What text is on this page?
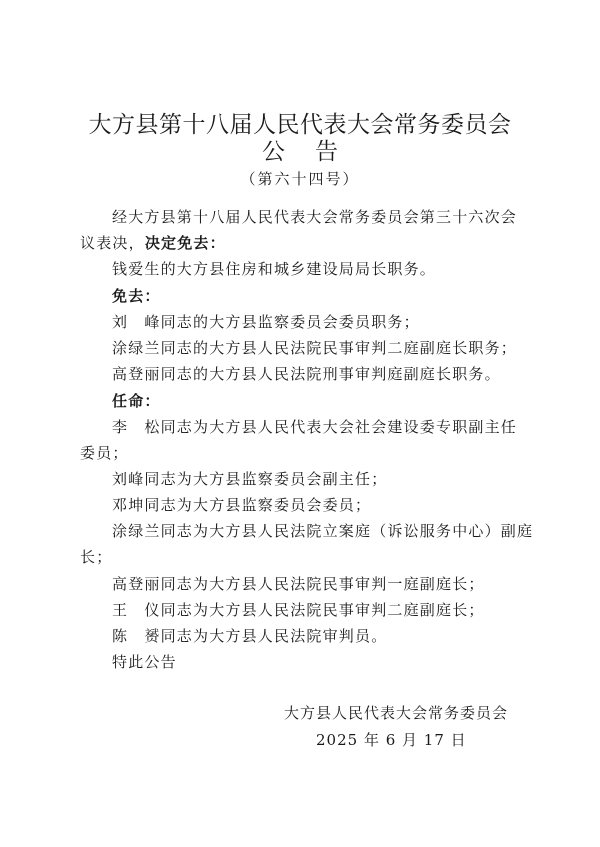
大方县第十八届人民代表大会常务委员会
公告
（第六十四号）
经大方县第十八届人民代表大会常务委员会第三十六次会
议表决，决定免去：
钱爱生的大方县住房和城乡建设局局长职务。
免去：
刘　峰同志的大方县监察委员会委员职务；
涂绿兰同志的大方县人民法院民事审判二庭副庭长职务；
高登丽同志的大方县人民法院刑事审判庭副庭长职务。
任命：
李　松同志为大方县人民代表大会社会建设委专职副主任
委员；
刘峰同志为大方县监察委员会副主任；
邓坤同志为大方县监察委员会委员；
涂绿兰同志为大方县人民法院立案庭（诉讼服务中心）副庭
长；
高登丽同志为大方县人民法院民事审判一庭副庭长；
王　仪同志为大方县人民法院民事审判二庭副庭长；
陈　赟同志为大方县人民法院审判员。
特此公告
大方县人民代表大会常务委员会
2025 年 6 月 17 日
